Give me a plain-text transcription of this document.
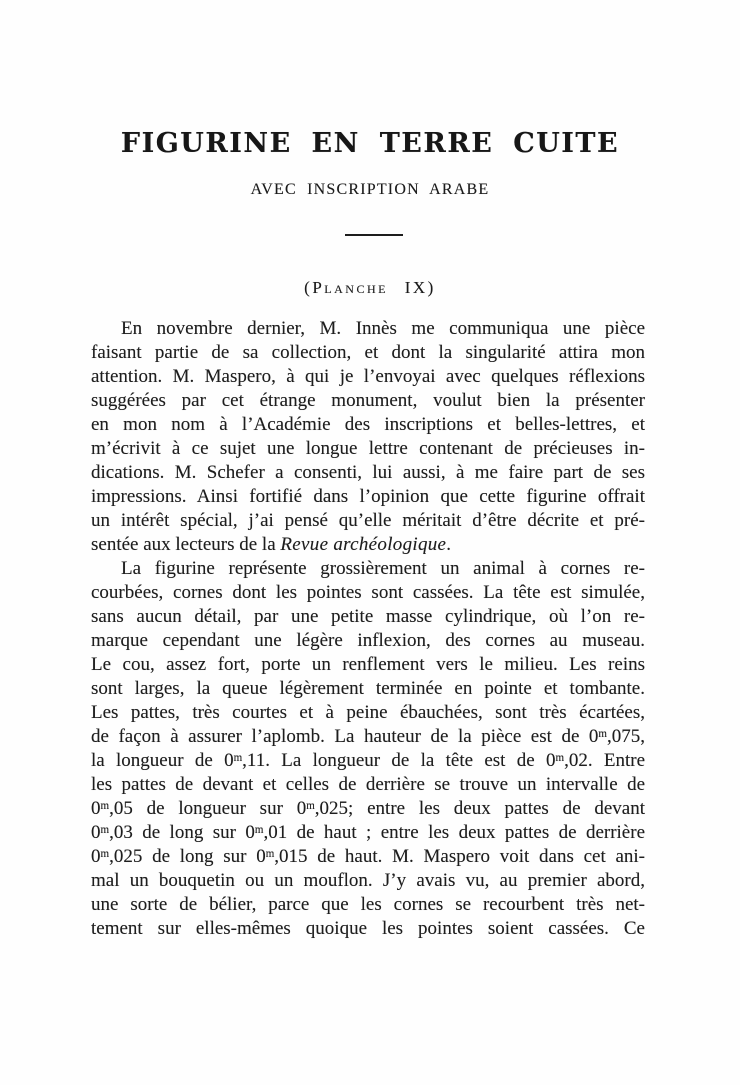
FIGURINE EN TERRE CUITE
AVEC INSCRIPTION ARABE
(Planche IX)
En novembre dernier, M. Innès me communiqua une pièce
faisant partie de sa collection, et dont la singularité attira mon
attention. M. Maspero, à qui je l’envoyai avec quelques réflexions
suggérées par cet étrange monument, voulut bien la présenter
en mon nom à l’Académie des inscriptions et belles-lettres, et
m’écrivit à ce sujet une longue lettre contenant de précieuses in-
dications. M. Schefer a consenti, lui aussi, à me faire part de ses
impressions. Ainsi fortifié dans l’opinion que cette figurine offrait
un intérêt spécial, j’ai pensé qu’elle méritait d’être décrite et pré-
sentée aux lecteurs de la Revue archéologique.
La figurine représente grossièrement un animal à cornes re-
courbées, cornes dont les pointes sont cassées. La tête est simulée,
sans aucun détail, par une petite masse cylindrique, où l’on re-
marque cependant une légère inflexion, des cornes au museau.
Le cou, assez fort, porte un renflement vers le milieu. Les reins
sont larges, la queue légèrement terminée en pointe et tombante.
Les pattes, très courtes et à peine ébauchées, sont très écartées,
de façon à assurer l’aplomb. La hauteur de la pièce est de 0$^m$,075,
la longueur de 0$^m$,11. La longueur de la tête est de 0$^m$,02. Entre
les pattes de devant et celles de derrière se trouve un intervalle de
0$^m$,05 de longueur sur 0$^m$,025; entre les deux pattes de devant
0$^m$,03 de long sur 0$^m$,01 de haut ; entre les deux pattes de derrière
0$^m$,025 de long sur 0$^m$,015 de haut. M. Maspero voit dans cet ani-
mal un bouquetin ou un mouflon. J’y avais vu, au premier abord,
une sorte de bélier, parce que les cornes se recourbent très net-
tement sur elles-mêmes quoique les pointes soient cassées. Ce
